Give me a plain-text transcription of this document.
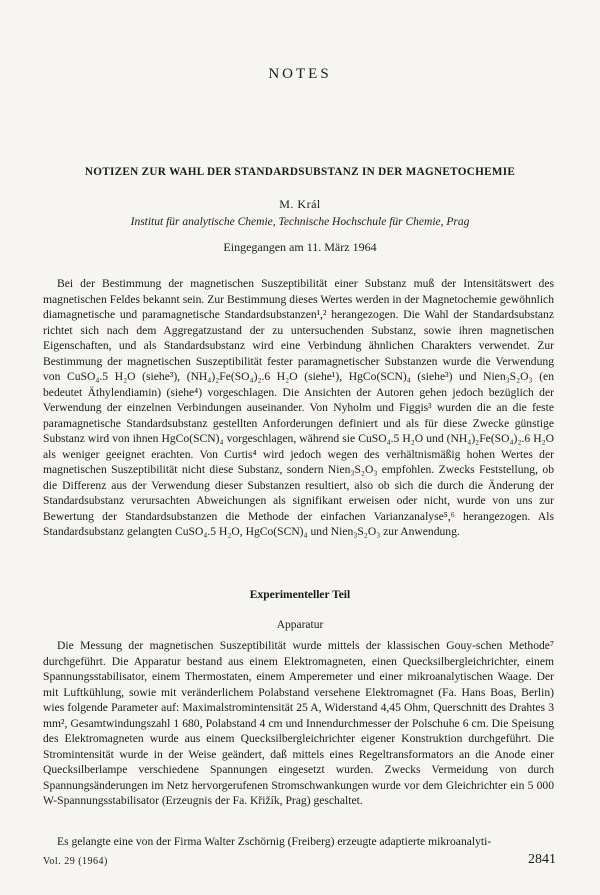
NOTES
NOTIZEN ZUR WAHL DER STANDARDSUBSTANZ IN DER MAGNETOCHEMIE
M. Král
Institut für analytische Chemie, Technische Hochschule für Chemie, Prag
Eingegangen am 11. März 1964

Bei der Bestimmung der magnetischen Suszeptibilität einer Substanz muß der Intensitätswert des magnetischen Feldes bekannt sein. Zur Bestimmung dieses Wertes werden in der Magnetochemie gewöhnlich diamagnetische und paramagnetische Standardsubstanzen¹,² herangezogen. Die Wahl der Standardsubstanz richtet sich nach dem Aggregatzustand der zu untersuchenden Substanz, sowie ihren magnetischen Eigenschaften, und als Standardsubstanz wird eine Verbindung ähnlichen Charakters verwendet. Zur Bestimmung der magnetischen Suszeptibilität fester paramagnetischer Substanzen wurde die Verwendung von CuSO₄.5 H₂O (siehe³), (NH₄)₂Fe(SO₄)₂.6 H₂O (siehe¹), HgCo(SCN)₄ (siehe³) und Nien₃S₂O₃ (en bedeutet Äthylendiamin) (siehe⁴) vorgeschlagen. Die Ansichten der Autoren gehen jedoch bezüglich der Verwendung der einzelnen Verbindungen auseinander. Von Nyholm und Figgis³ wurden die an die feste paramagnetische Standardsubstanz gestellten Anforderungen definiert und als für diese Zwecke günstige Substanz wird von ihnen HgCo(SCN)₄ vorgeschlagen, während sie CuSO₄.5 H₂O und (NH₄)₂Fe(SO₄)₂.6 H₂O als weniger geeignet erachten. Von Curtis⁴ wird jedoch wegen des verhältnismäßig hohen Wertes der magnetischen Suszeptibilität nicht diese Substanz, sondern Nien₃S₂O₃ empfohlen. Zwecks Feststellung, ob die Differenz aus der Verwendung dieser Substanzen resultiert, also ob sich die durch die Änderung der Standardsubstanz verursachten Abweichungen als signifikant erweisen oder nicht, wurde von uns zur Bewertung der Standardsubstanzen die Methode der einfachen Varianzanalyse⁵,⁶ herangezogen. Als Standardsubstanz gelangten CuSO₄.5 H₂O, HgCo(SCN)₄ und Nien₃S₂O₃ zur Anwendung.

Experimenteller Teil
Apparatur

Die Messung der magnetischen Suszeptibilität wurde mittels der klassischen Gouy-schen Methode⁷ durchgeführt. Die Apparatur bestand aus einem Elektromagneten, einen Quecksilbergleichrichter, einem Spannungsstabilisator, einem Thermostaten, einem Amperemeter und einer mikroanalytischen Waage. Der mit Luftkühlung, sowie mit veränderlichem Polabstand versehene Elektromagnet (Fa. Hans Boas, Berlin) wies folgende Parameter auf: Maximalstromintensität 25 A, Widerstand 4,45 Ohm, Querschnitt des Drahtes 3 mm², Gesamtwindungszahl 1 680, Polabstand 4 cm und Innendurchmesser der Polschuhe 6 cm. Die Speisung des Elektromagneten wurde aus einem Quecksilbergleichrichter eigener Konstruktion durchgeführt. Die Stromintensität wurde in der Weise geändert, daß mittels eines Regeltransformators an die Anode einer Quecksilberlampe verschiedene Spannungen eingesetzt wurden. Zwecks Vermeidung von durch Spannungsänderungen im Netz hervorgerufenen Stromschwankungen wurde vor dem Gleichrichter ein 5 000 W-Spannungsstabilisator (Erzeugnis der Fa. Křižík, Prag) geschaltet.

Es gelangte eine von der Firma Walter Zschörnig (Freiberg) erzeugte adaptierte mikroanalyti-

Vol. 29 (1964)	2841
